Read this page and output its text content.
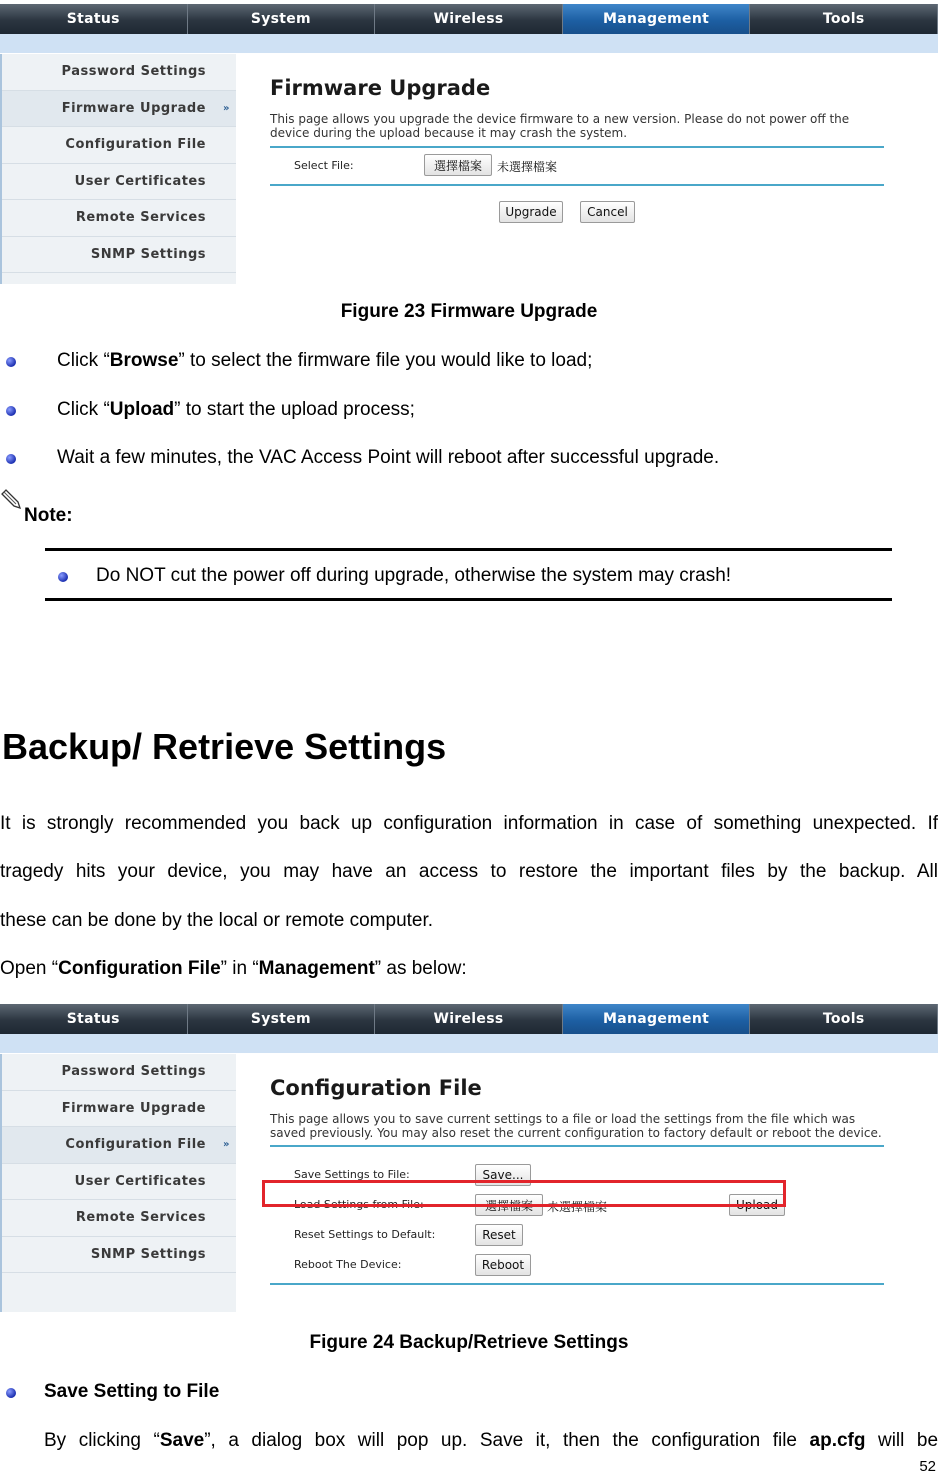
Status	System	Wireless	Management	Tools
Password Settings
Firmware Upgrade »
Configuration File
User Certificates
Remote Services
SNMP Settings
Firmware Upgrade
This page allows you upgrade the device firmware to a new version. Please do not power off the device during the upload because it may crash the system.
Select File:	選擇檔案	未選擇檔案
Upgrade	Cancel
Figure 23 Firmware Upgrade
Click “Browse” to select the firmware file you would like to load;
Click “Upload” to start the upload process;
Wait a few minutes, the VAC Access Point will reboot after successful upgrade.
Note:
Do NOT cut the power off during upgrade, otherwise the system may crash!
Backup/ Retrieve Settings
It is strongly recommended you back up configuration information in case of something unexpected. If
tragedy hits your device, you may have an access to restore the important files by the backup. All
these can be done by the local or remote computer.
Open “Configuration File” in “Management” as below:
Status	System	Wireless	Management	Tools
Password Settings
Firmware Upgrade
Configuration File »
User Certificates
Remote Services
SNMP Settings
Configuration File
This page allows you to save current settings to a file or load the settings from the file which was saved previously. You may also reset the current configuration to factory default or reboot the device.
Save Settings to File:	Save...
Load Settings from File:	選擇檔案	未選擇檔案	Upload
Reset Settings to Default:	Reset
Reboot The Device:	Reboot
Figure 24 Backup/Retrieve Settings
Save Setting to File
By clicking “Save”, a dialog box will pop up. Save it, then the configuration file ap.cfg will be
52
